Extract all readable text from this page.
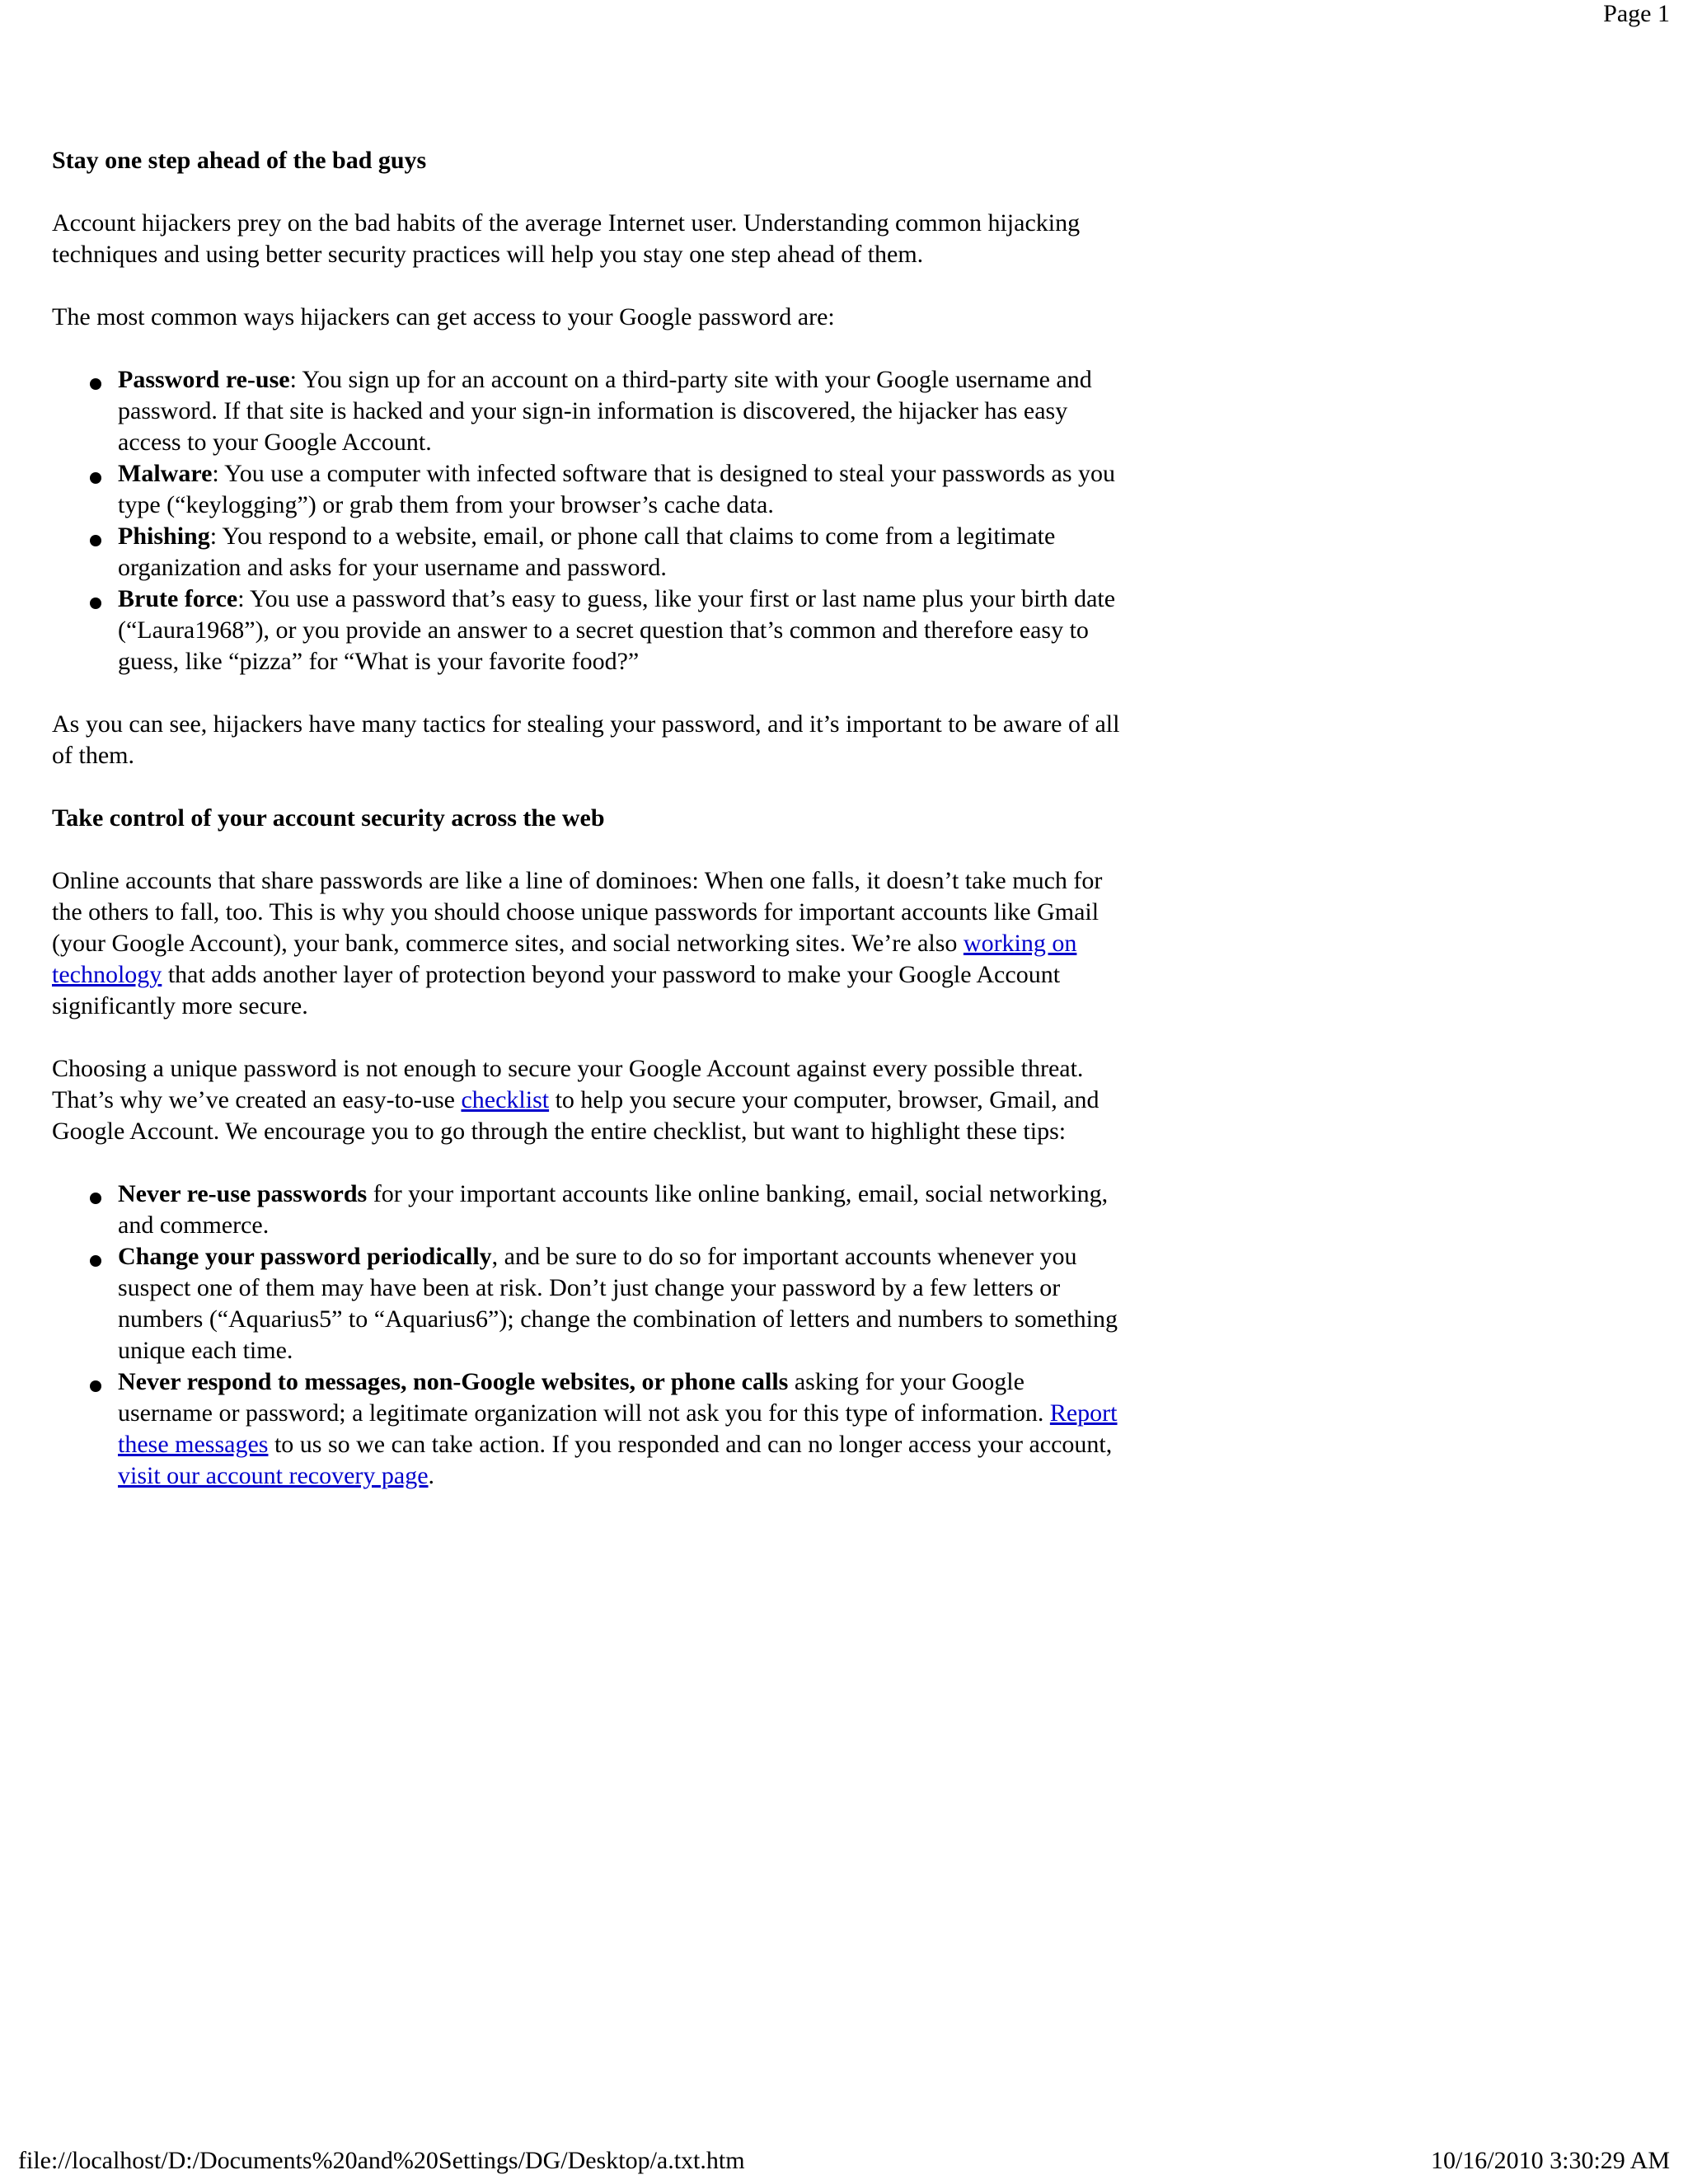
Page 1
Stay one step ahead of the bad guys

Account hijackers prey on the bad habits of the average Internet user. Understanding common hijacking techniques and using better security practices will help you stay one step ahead of them.

The most common ways hijackers can get access to your Google password are:

Password re-use: You sign up for an account on a third-party site with your Google username and password. If that site is hacked and your sign-in information is discovered, the hijacker has easy access to your Google Account.
Malware: You use a computer with infected software that is designed to steal your passwords as you type (“keylogging”) or grab them from your browser’s cache data.
Phishing: You respond to a website, email, or phone call that claims to come from a legitimate organization and asks for your username and password.
Brute force: You use a password that’s easy to guess, like your first or last name plus your birth date (“Laura1968”), or you provide an answer to a secret question that’s common and therefore easy to guess, like “pizza” for “What is your favorite food?”

As you can see, hijackers have many tactics for stealing your password, and it’s important to be aware of all of them.

Take control of your account security across the web

Online accounts that share passwords are like a line of dominoes: When one falls, it doesn’t take much for the others to fall, too. This is why you should choose unique passwords for important accounts like Gmail (your Google Account), your bank, commerce sites, and social networking sites. We’re also working on technology that adds another layer of protection beyond your password to make your Google Account significantly more secure.

Choosing a unique password is not enough to secure your Google Account against every possible threat. That’s why we’ve created an easy-to-use checklist to help you secure your computer, browser, Gmail, and Google Account. We encourage you to go through the entire checklist, but want to highlight these tips:

Never re-use passwords for your important accounts like online banking, email, social networking, and commerce.
Change your password periodically, and be sure to do so for important accounts whenever you suspect one of them may have been at risk. Don’t just change your password by a few letters or numbers (“Aquarius5” to “Aquarius6”); change the combination of letters and numbers to something unique each time.
Never respond to messages, non-Google websites, or phone calls asking for your Google username or password; a legitimate organization will not ask you for this type of information. Report these messages to us so we can take action. If you responded and can no longer access your account, visit our account recovery page.
file://localhost/D:/Documents%20and%20Settings/DG/Desktop/a.txt.htm	10/16/2010 3:30:29 AM
